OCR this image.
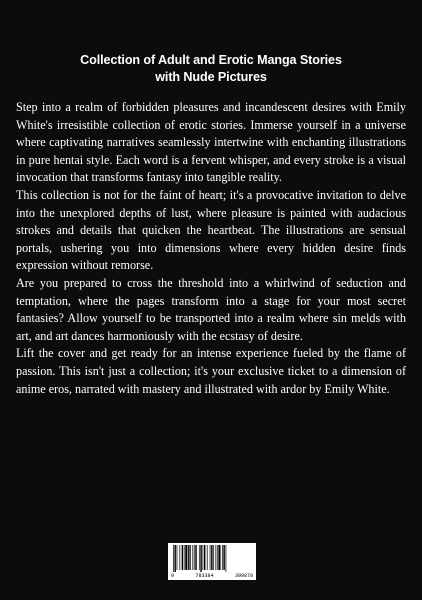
Collection of Adult and Erotic Manga Stories
with Nude Pictures

Step into a realm of forbidden pleasures and incandescent desires with Emily White's irresistible collection of erotic stories. Immerse yourself in a universe where captivating narratives seamlessly intertwine with enchanting illustrations in pure hentai style. Each word is a fervent whisper, and every stroke is a visual invocation that transforms fantasy into tangible reality.

This collection is not for the faint of heart; it's a provocative invitation to delve into the unexplored depths of lust, where pleasure is painted with audacious strokes and details that quicken the heartbeat. The illustrations are sensual portals, ushering you into dimensions where every hidden desire finds expression without remorse.

Are you prepared to cross the threshold into a whirlwind of seduction and temptation, where the pages transform into a stage for your most secret fantasies? Allow yourself to be transported into a realm where sin melds with art, and art dances harmoniously with the ecstasy of desire.

Lift the cover and get ready for an intense experience fueled by the flame of passion. This isn't just a collection; it's your exclusive ticket to a dimension of anime eros, narrated with mastery and illustrated with ardor by Emily White.

9	783384	399878
